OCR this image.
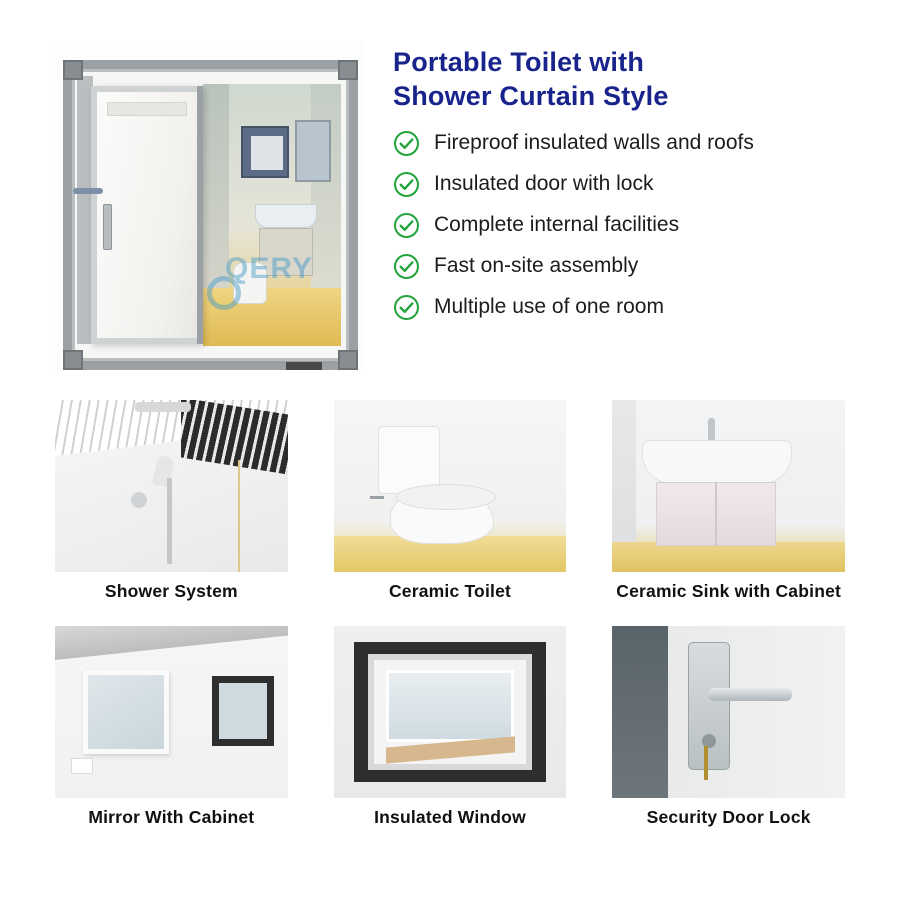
QERY
Portable Toilet with
Shower Curtain Style
Fireproof insulated walls and roofs
Insulated door with lock
Complete internal facilities
Fast on-site assembly
Multiple use of one room
Shower System	Ceramic Toilet	Ceramic Sink with Cabinet
Mirror With Cabinet	Insulated Window	Security Door Lock
